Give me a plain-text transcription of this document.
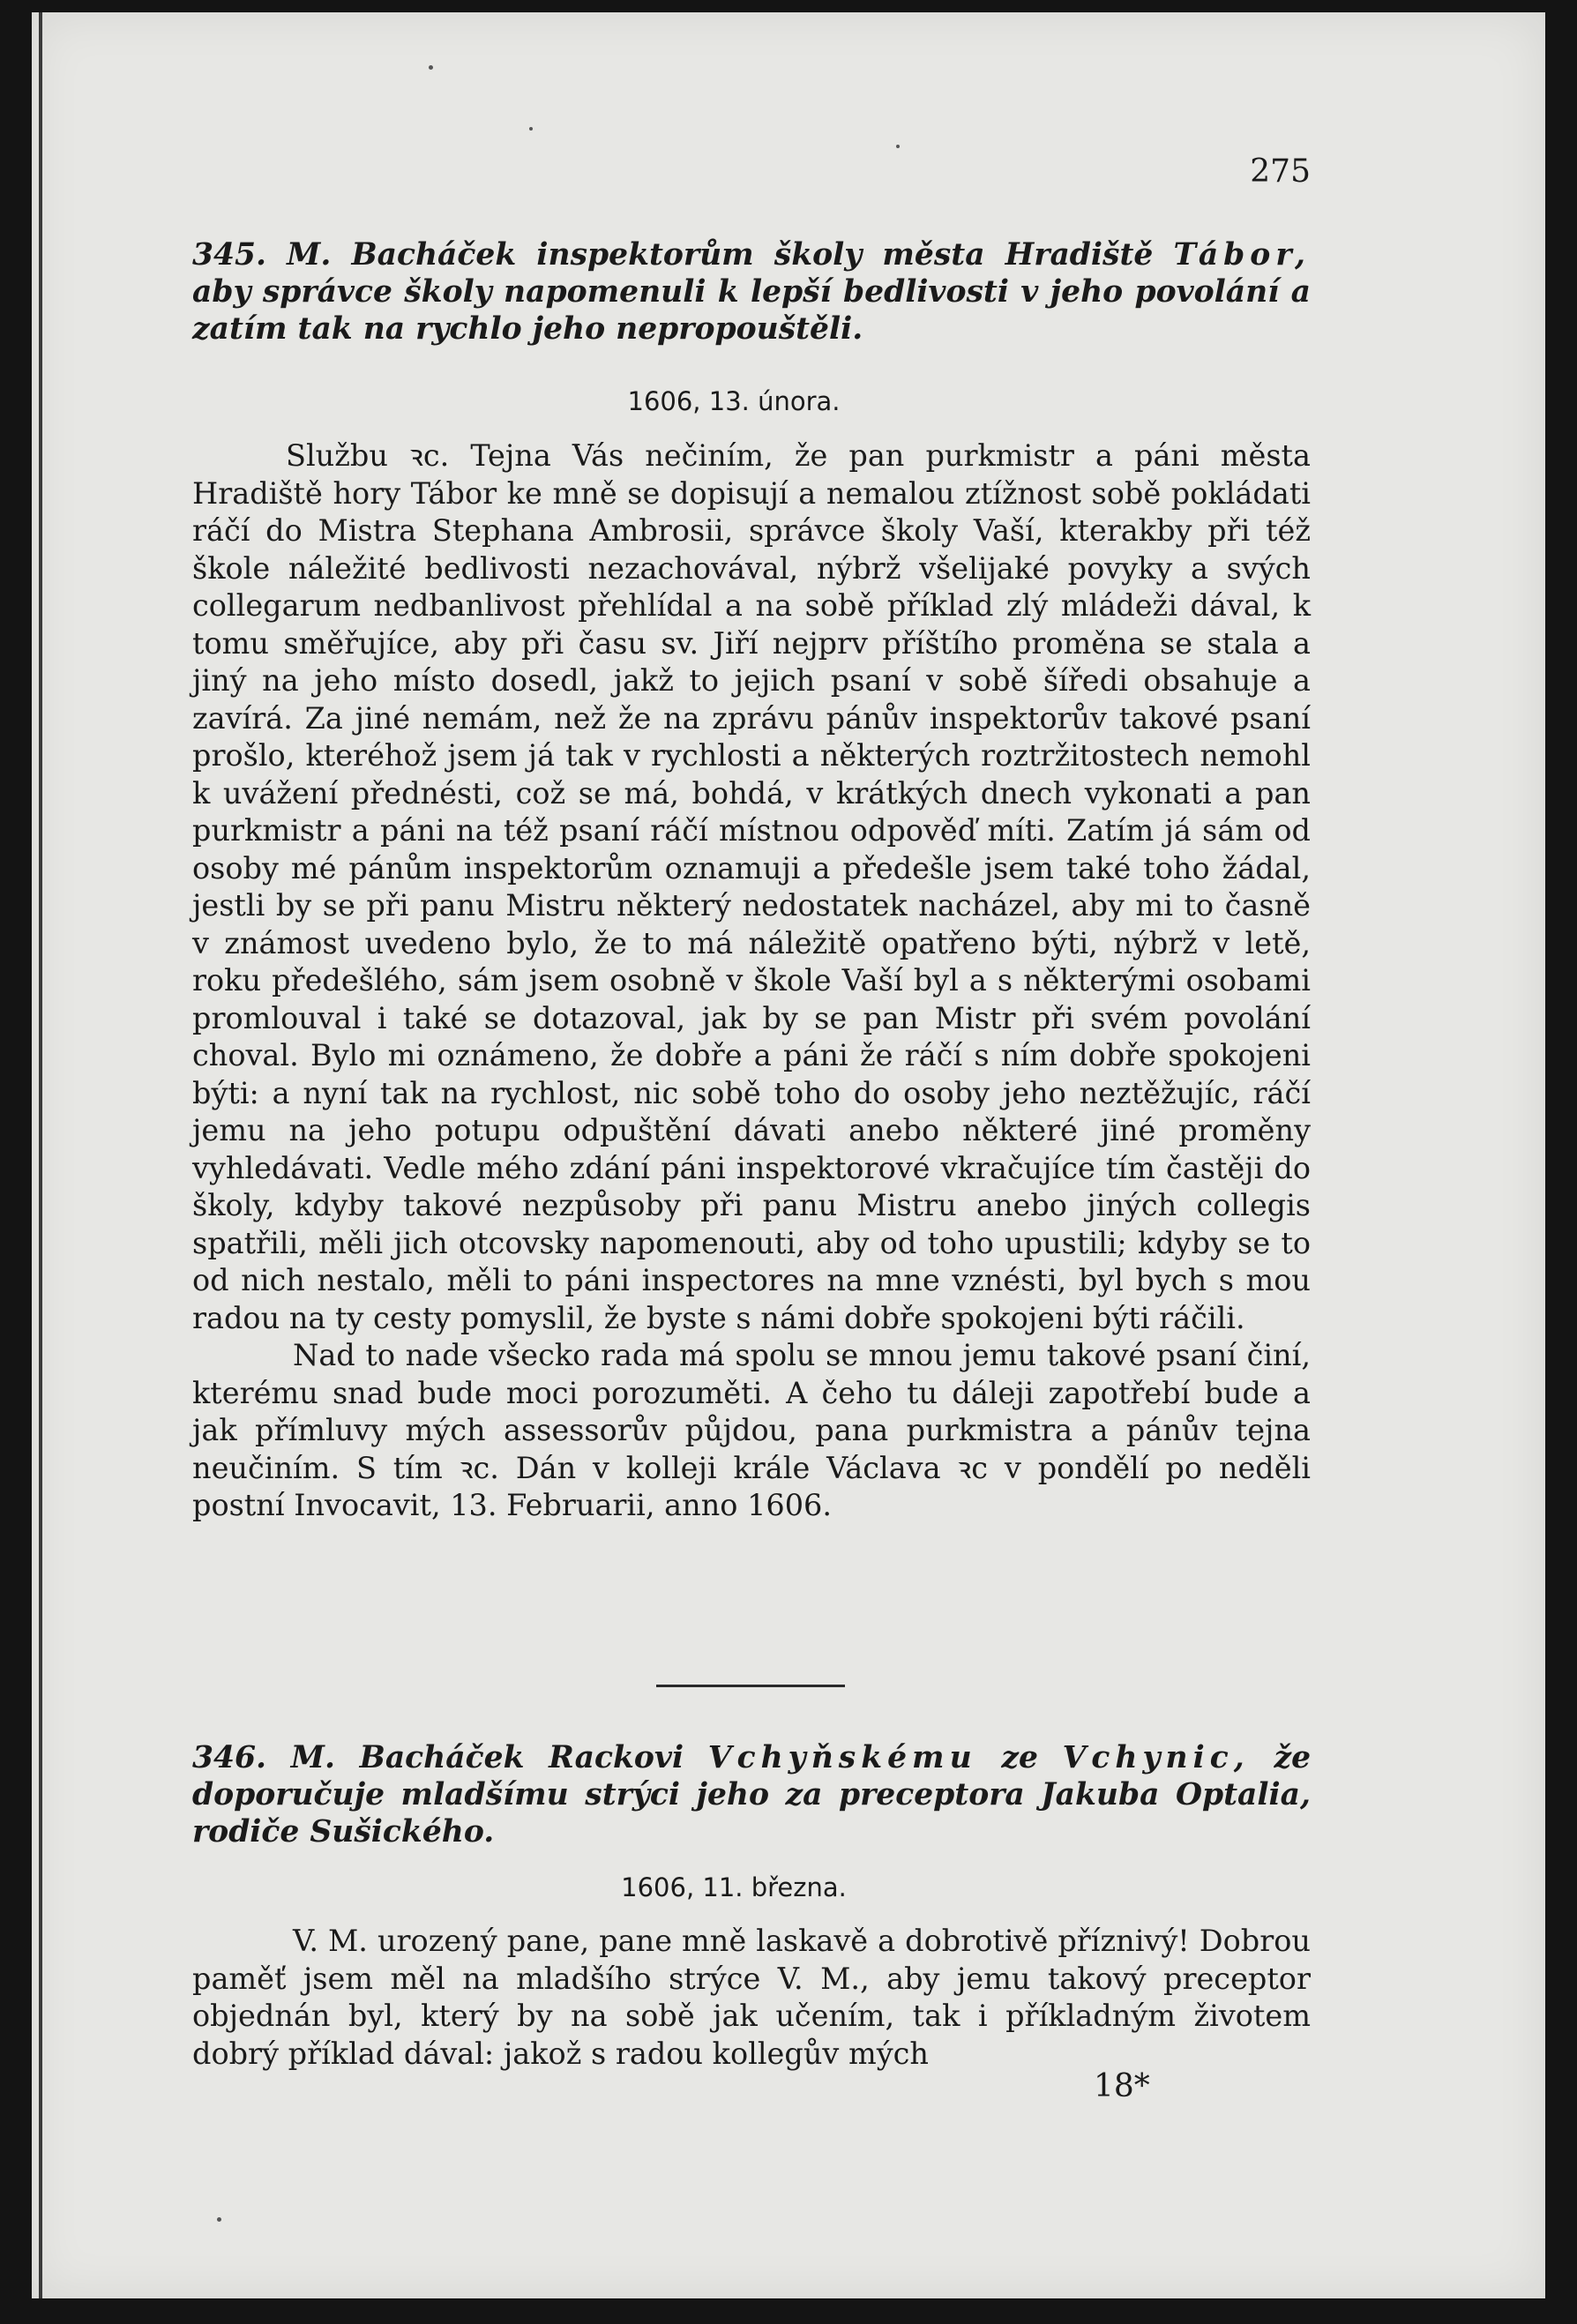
275
345. M. Bacháček inspektorům školy města Hradiště Tábor, aby správce školy napomenuli k lepší bedlivosti v jeho povolání a zatím tak na rychlo jeho nepropouštěli.
1606, 13. února.

Službu ꝛc. Tejna Vás nečiním, že pan purkmistr a páni města Hradiště hory Tábor ke mně se dopisují a nemalou ztížnost sobě pokládati ráčí do Mistra Stephana Ambrosii, správce školy Vaší, kterakby při též škole náležité bedlivosti nezachovával, nýbrž všelijaké povyky a svých collegarum nedbanlivost přehlídal a na sobě příklad zlý mládeži dával, k tomu směřujíce, aby při času sv. Jiří nejprv příštího proměna se stala a jiný na jeho místo dosedl, jakž to jejich psaní v sobě šíředi obsahuje a zavírá. Za jiné nemám, než že na zprávu pánův inspektorův takové psaní prošlo, kteréhož jsem já tak v rychlosti a některých roztržitostech nemohl k uvážení přednésti, což se má, bohdá, v krátkých dnech vykonati a pan purkmistr a páni na též psaní ráčí místnou odpověď míti. Zatím já sám od osoby mé pánům inspektorům oznamuji a předešle jsem také toho žádal, jestli by se při panu Mistru některý nedostatek nacházel, aby mi to časně v známost uvedeno bylo, že to má náležitě opatřeno býti, nýbrž v letě, roku předešlého, sám jsem osobně v škole Vaší byl a s některými osobami promlouval i také se dotazoval, jak by se pan Mistr při svém povolání choval. Bylo mi oznámeno, že dobře a páni že ráčí s ním dobře spokojeni býti: a nyní tak na rychlost, nic sobě toho do osoby jeho neztěžujíc, ráčí jemu na jeho potupu odpuštění dávati anebo některé jiné proměny vyhledávati. Vedle mého zdání páni inspektorové vkračujíce tím častěji do školy, kdyby takové nezpůsoby při panu Mistru anebo jiných collegis spatřili, měli jich otcovsky napomenouti, aby od toho upustili; kdyby se to od nich nestalo, měli to páni inspectores na mne vznésti, byl bych s mou radou na ty cesty pomyslil, že byste s námi dobře spokojeni býti ráčili.

Nad to nade všecko rada má spolu se mnou jemu takové psaní činí, kterému snad bude moci porozuměti. A čeho tu dáleji zapotřebí bude a jak přímluvy mých assessorův půjdou, pana purkmistra a pánův tejna neučiním. S tím ꝛc. Dán v kolleji krále Václava ꝛc v pondělí po neděli postní Invocavit, 13. Februarii, anno 1606.

346. M. Bacháček Rackovi Vchyňskému ze Vchynic, že doporučuje mladšímu strýci jeho za preceptora Jakuba Optalia, rodiče Sušického.
1606, 11. března.

V. M. urozený pane, pane mně laskavě a dobrotivě příznivý! Dobrou paměť jsem měl na mladšího strýce V. M., aby jemu takový preceptor objednán byl, který by na sobě jak učením, tak i příkladným životem dobrý příklad dával: jakož s radou kollegův mých

18*
